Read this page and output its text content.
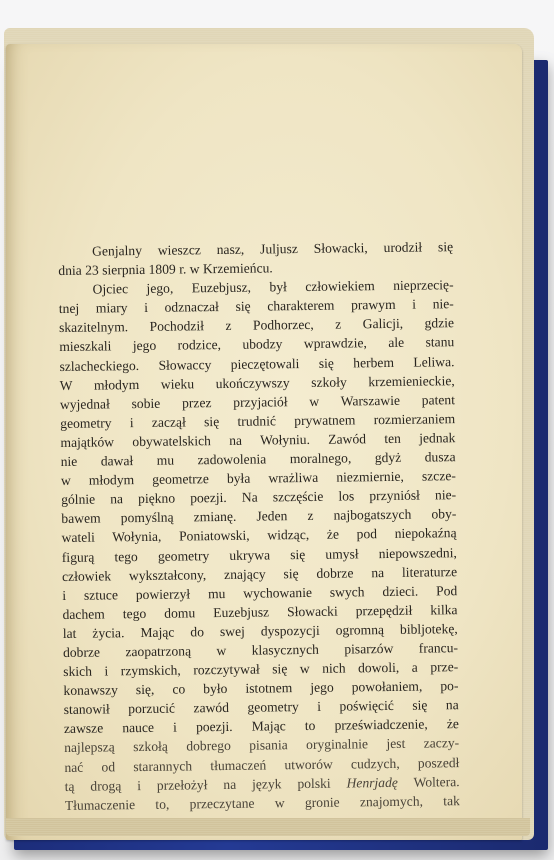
Genjalny wieszcz nasz, Juljusz Słowacki, urodził się
dnia 23 sierpnia 1809 r. w Krzemieńcu.
Ojciec jego, Euzebjusz, był człowiekiem nieprzecię-
tnej miary i odznaczał się charakterem prawym i nie-
skazitelnym. Pochodził z Podhorzec, z Galicji, gdzie
mieszkali jego rodzice, ubodzy wprawdzie, ale stanu
szlacheckiego. Słowaccy pieczętowali się herbem Leliwa.
W młodym wieku ukończywszy szkoły krzemienieckie,
wyjednał sobie przez przyjaciół w Warszawie patent
geometry i zaczął się trudnić prywatnem rozmierzaniem
majątków obywatelskich na Wołyniu. Zawód ten jednak
nie dawał mu zadowolenia moralnego, gdyż dusza
w młodym geometrze była wrażliwa niezmiernie, szcze-
gólnie na piękno poezji. Na szczęście los przyniósł nie-
bawem pomyślną zmianę. Jeden z najbogatszych oby-
wateli Wołynia, Poniatowski, widząc, że pod niepokaźną
figurą tego geometry ukrywa się umysł niepowszedni,
człowiek wykształcony, znający się dobrze na literaturze
i sztuce powierzył mu wychowanie swych dzieci. Pod
dachem tego domu Euzebjusz Słowacki przepędził kilka
lat życia. Mając do swej dyspozycji ogromną bibljotekę,
dobrze zaopatrzoną w klasycznych pisarzów francu-
skich i rzymskich, rozczytywał się w nich dowoli, a prze-
konawszy się, co było istotnem jego powołaniem, po-
stanowił porzucić zawód geometry i poświęcić się na
zawsze nauce i poezji. Mając to przeświadczenie, że
najlepszą szkołą dobrego pisania oryginalnie jest zaczy-
nać od starannych tłumaczeń utworów cudzych, poszedł
tą drogą i przełożył na język polski Henrjadę Woltera.
Tłumaczenie to, przeczytane w gronie znajomych, tak
